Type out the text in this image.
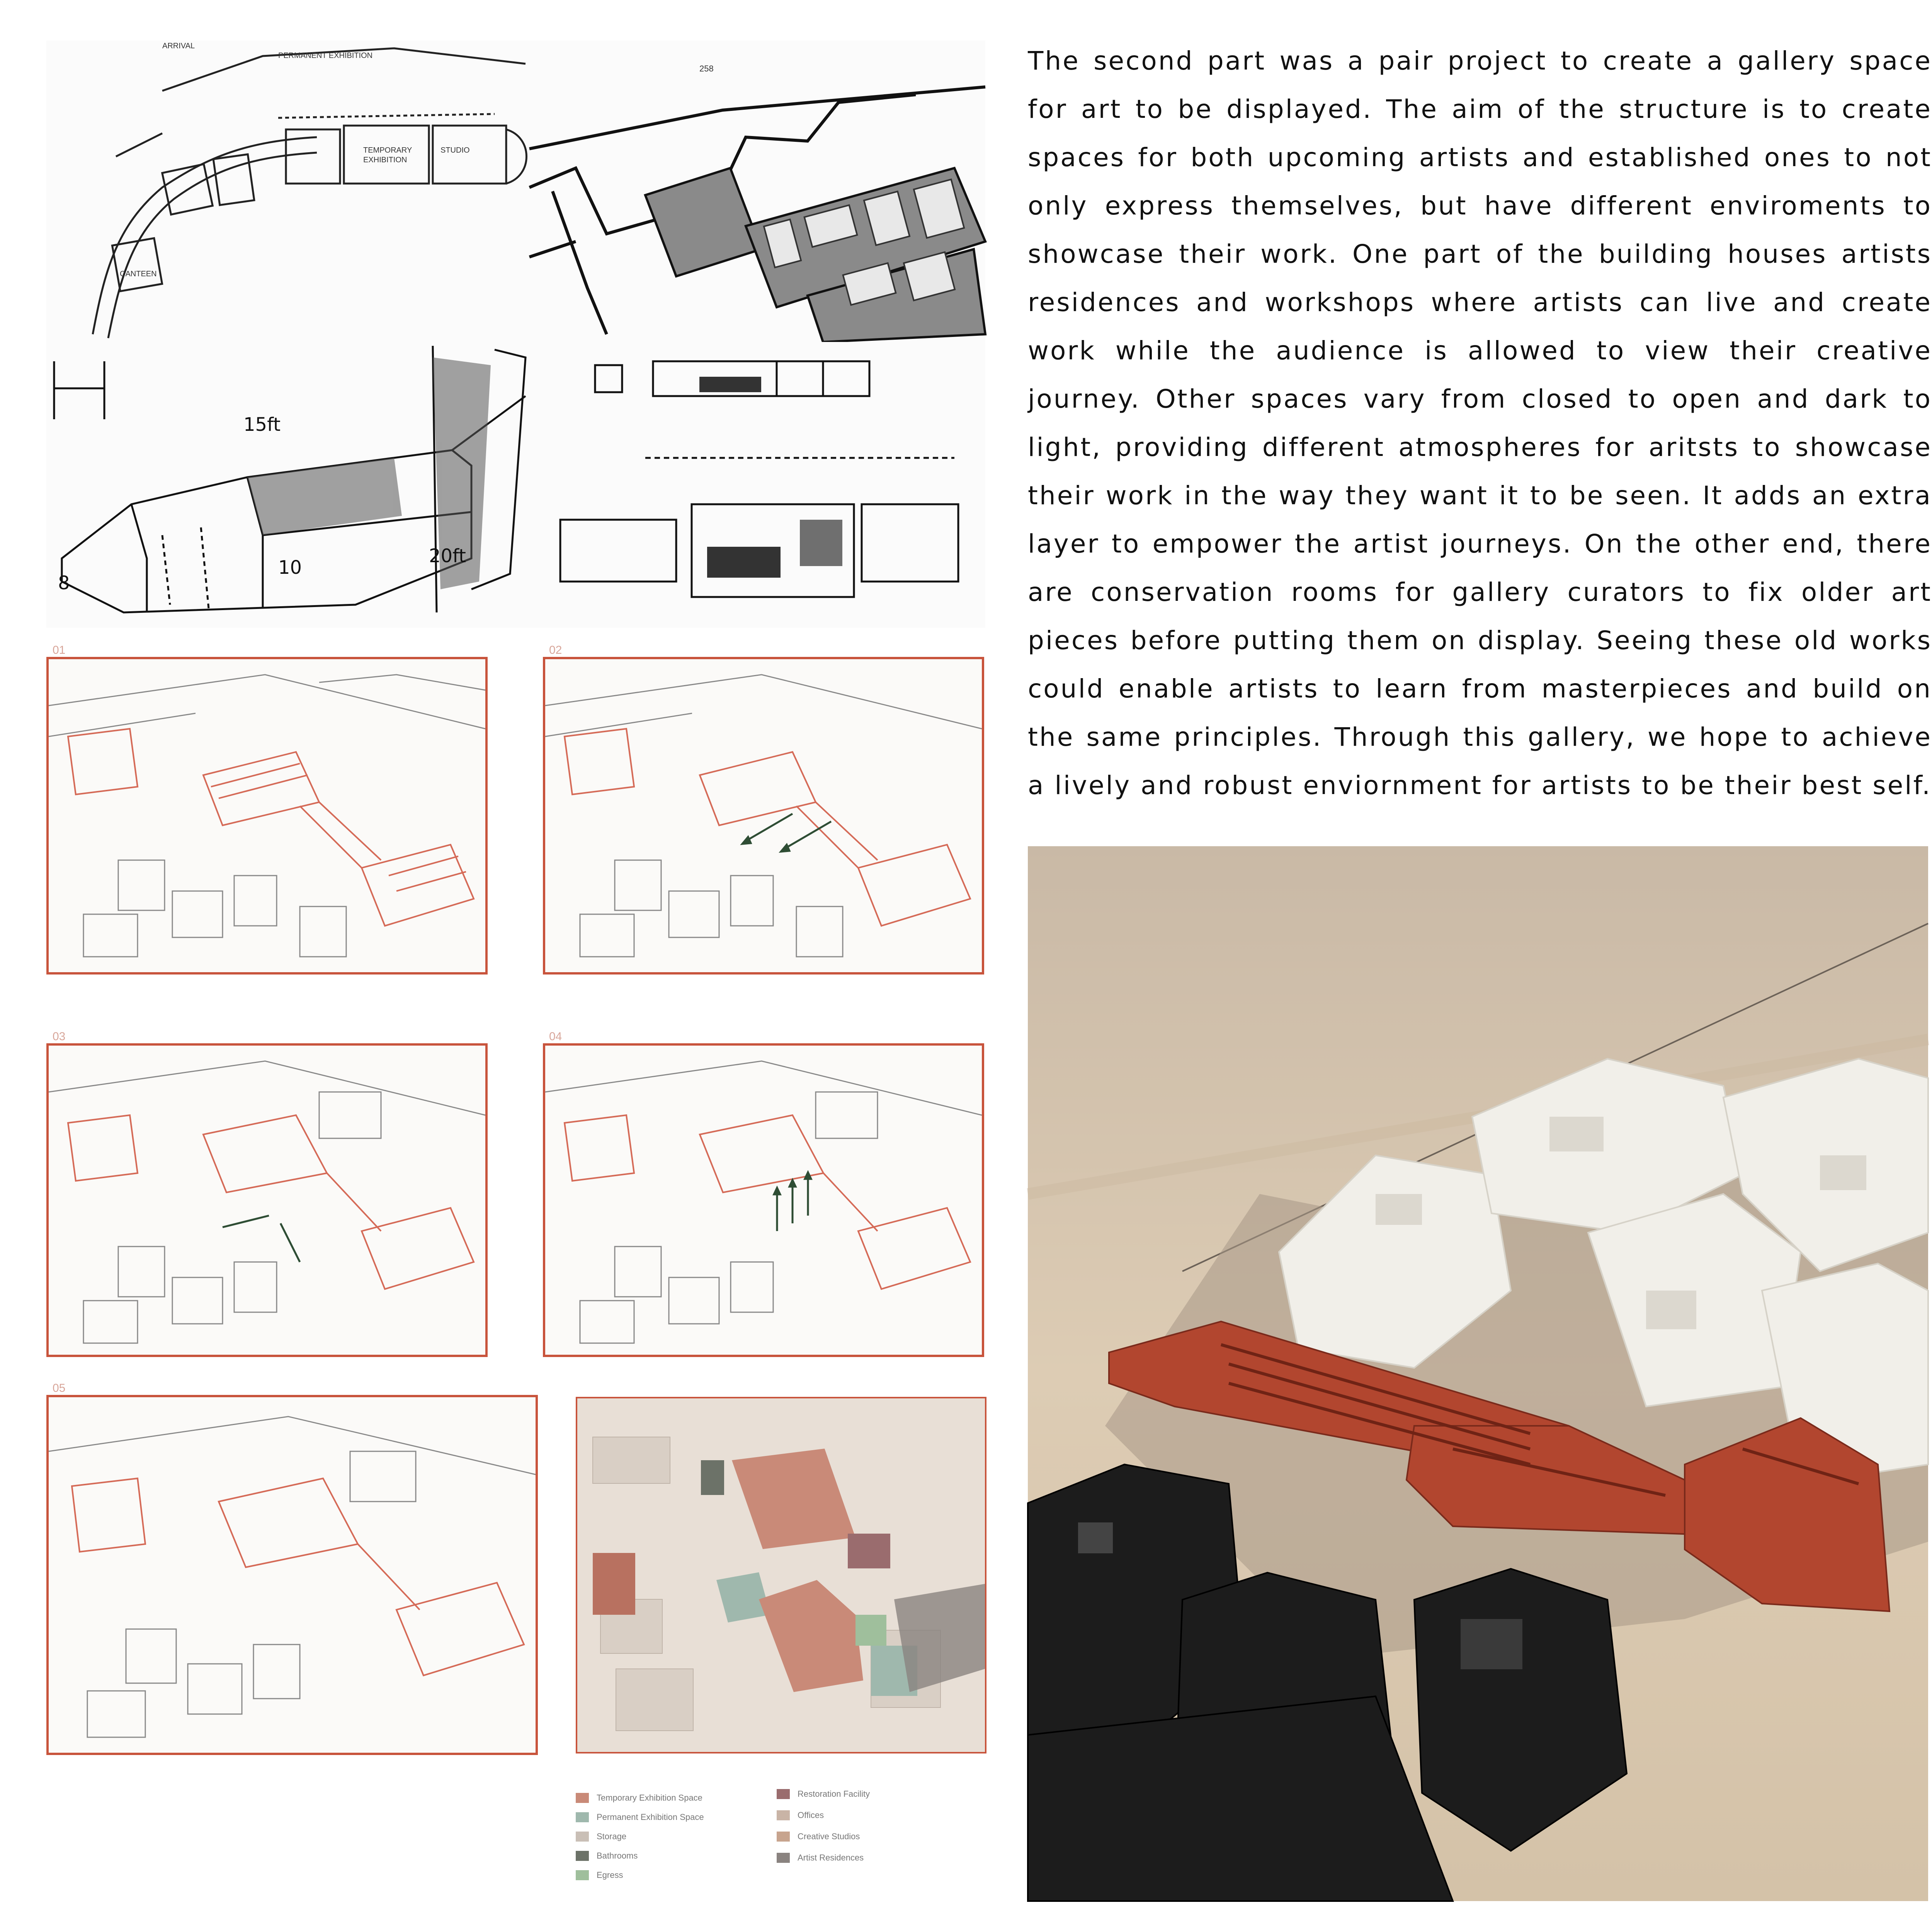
PERMANENT EXHIBITION
ARRIVAL
TEMPORARY
EXHIBITION
STUDIO
CANTEEN
258
15ft
20ft
10
8
01	02
03	04
05
Temporary Exhibition Space
Permanent Exhibition Space
Storage
Bathrooms
Egress
Restoration Facility
Offices
Creative Studios
Artist Residences
The second part was a pair project to create a gallery space for art to be displayed. The aim of the structure is to create spaces for both upcoming artists and established ones to not only express themselves, but have different enviroments to showcase their work. One part of the building houses artists residences and workshops where artists can live and create work while the audience is allowed to view their creative journey. Other spaces vary from closed to open and dark to light, providing different atmospheres for aritsts to showcase their work in the way they want it to be seen. It adds an extra layer to empower the artist journeys. On the other end, there are conservation rooms for gallery curators to fix older art pieces before putting them on display. Seeing these old works could enable artists to learn from masterpieces and build on the same principles. Through this gallery, we hope to achieve a lively and robust enviornment for artists to be their best self.
